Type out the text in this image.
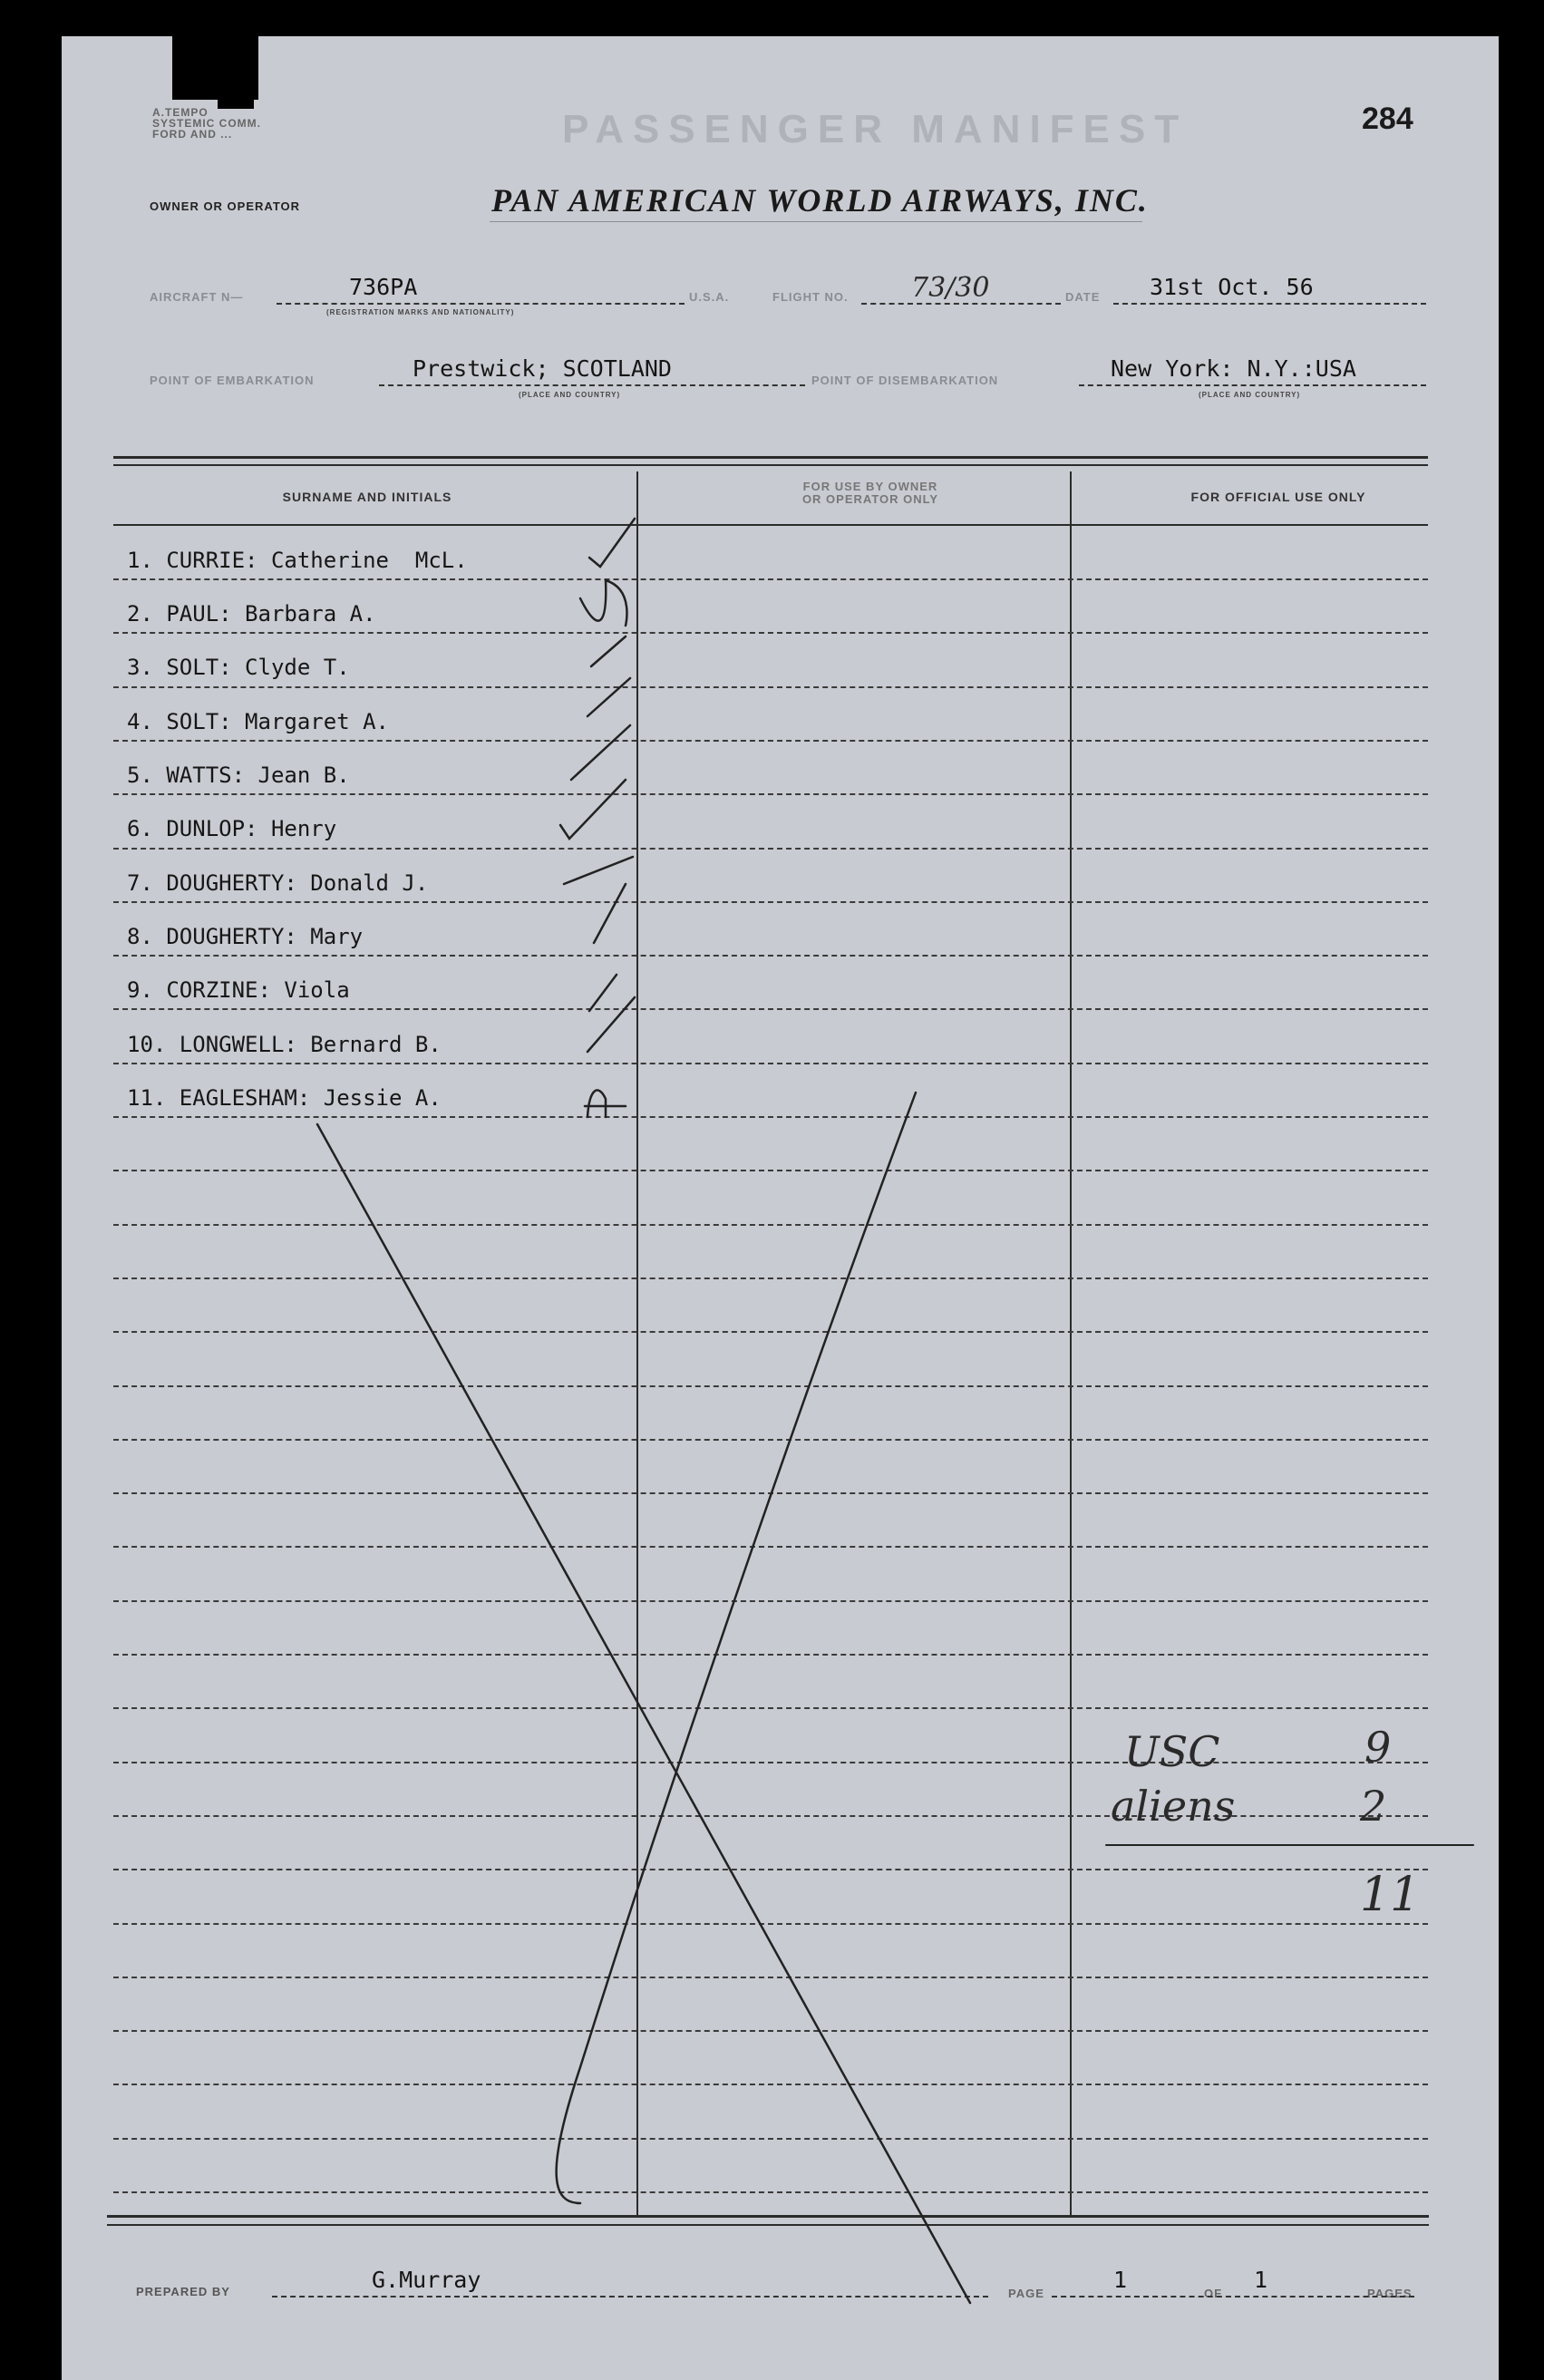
A.TEMPO
SYSTEMIC COMM.
FORD AND ...	PASSENGER MANIFEST	284
OWNER OR OPERATOR	PAN AMERICAN WORLD AIRWAYS, INC.
AIRCRAFT N—	736PA
(REGISTRATION MARKS AND NATIONALITY)
U.S.A.	FLIGHT NO. 73/30	DATE 31st Oct. 56
POINT OF EMBARKATION	Prestwick; SCOTLAND
(PLACE AND COUNTRY)
POINT OF DISEMBARKATION	New York: N.Y.:USA
(PLACE AND COUNTRY)
SURNAME AND INITIALS
FOR USE BY OWNER
OR OPERATOR ONLY	FOR OFFICIAL USE ONLY
1. CURRIE: Catherine  McL.
2. PAUL: Barbara A.
3. SOLT: Clyde T.
4. SOLT: Margaret A.
5. WATTS: Jean B.
6. DUNLOP: Henry
7. DOUGHERTY: Donald J.
8. DOUGHERTY: Mary
9. CORZINE: Viola
10. LONGWELL: Bernard B.
11. EAGLESHAM: Jessie A.
USC	9
aliens	2
11
PREPARED BY	G.Murray
PAGE
1
OF
1
PAGES
